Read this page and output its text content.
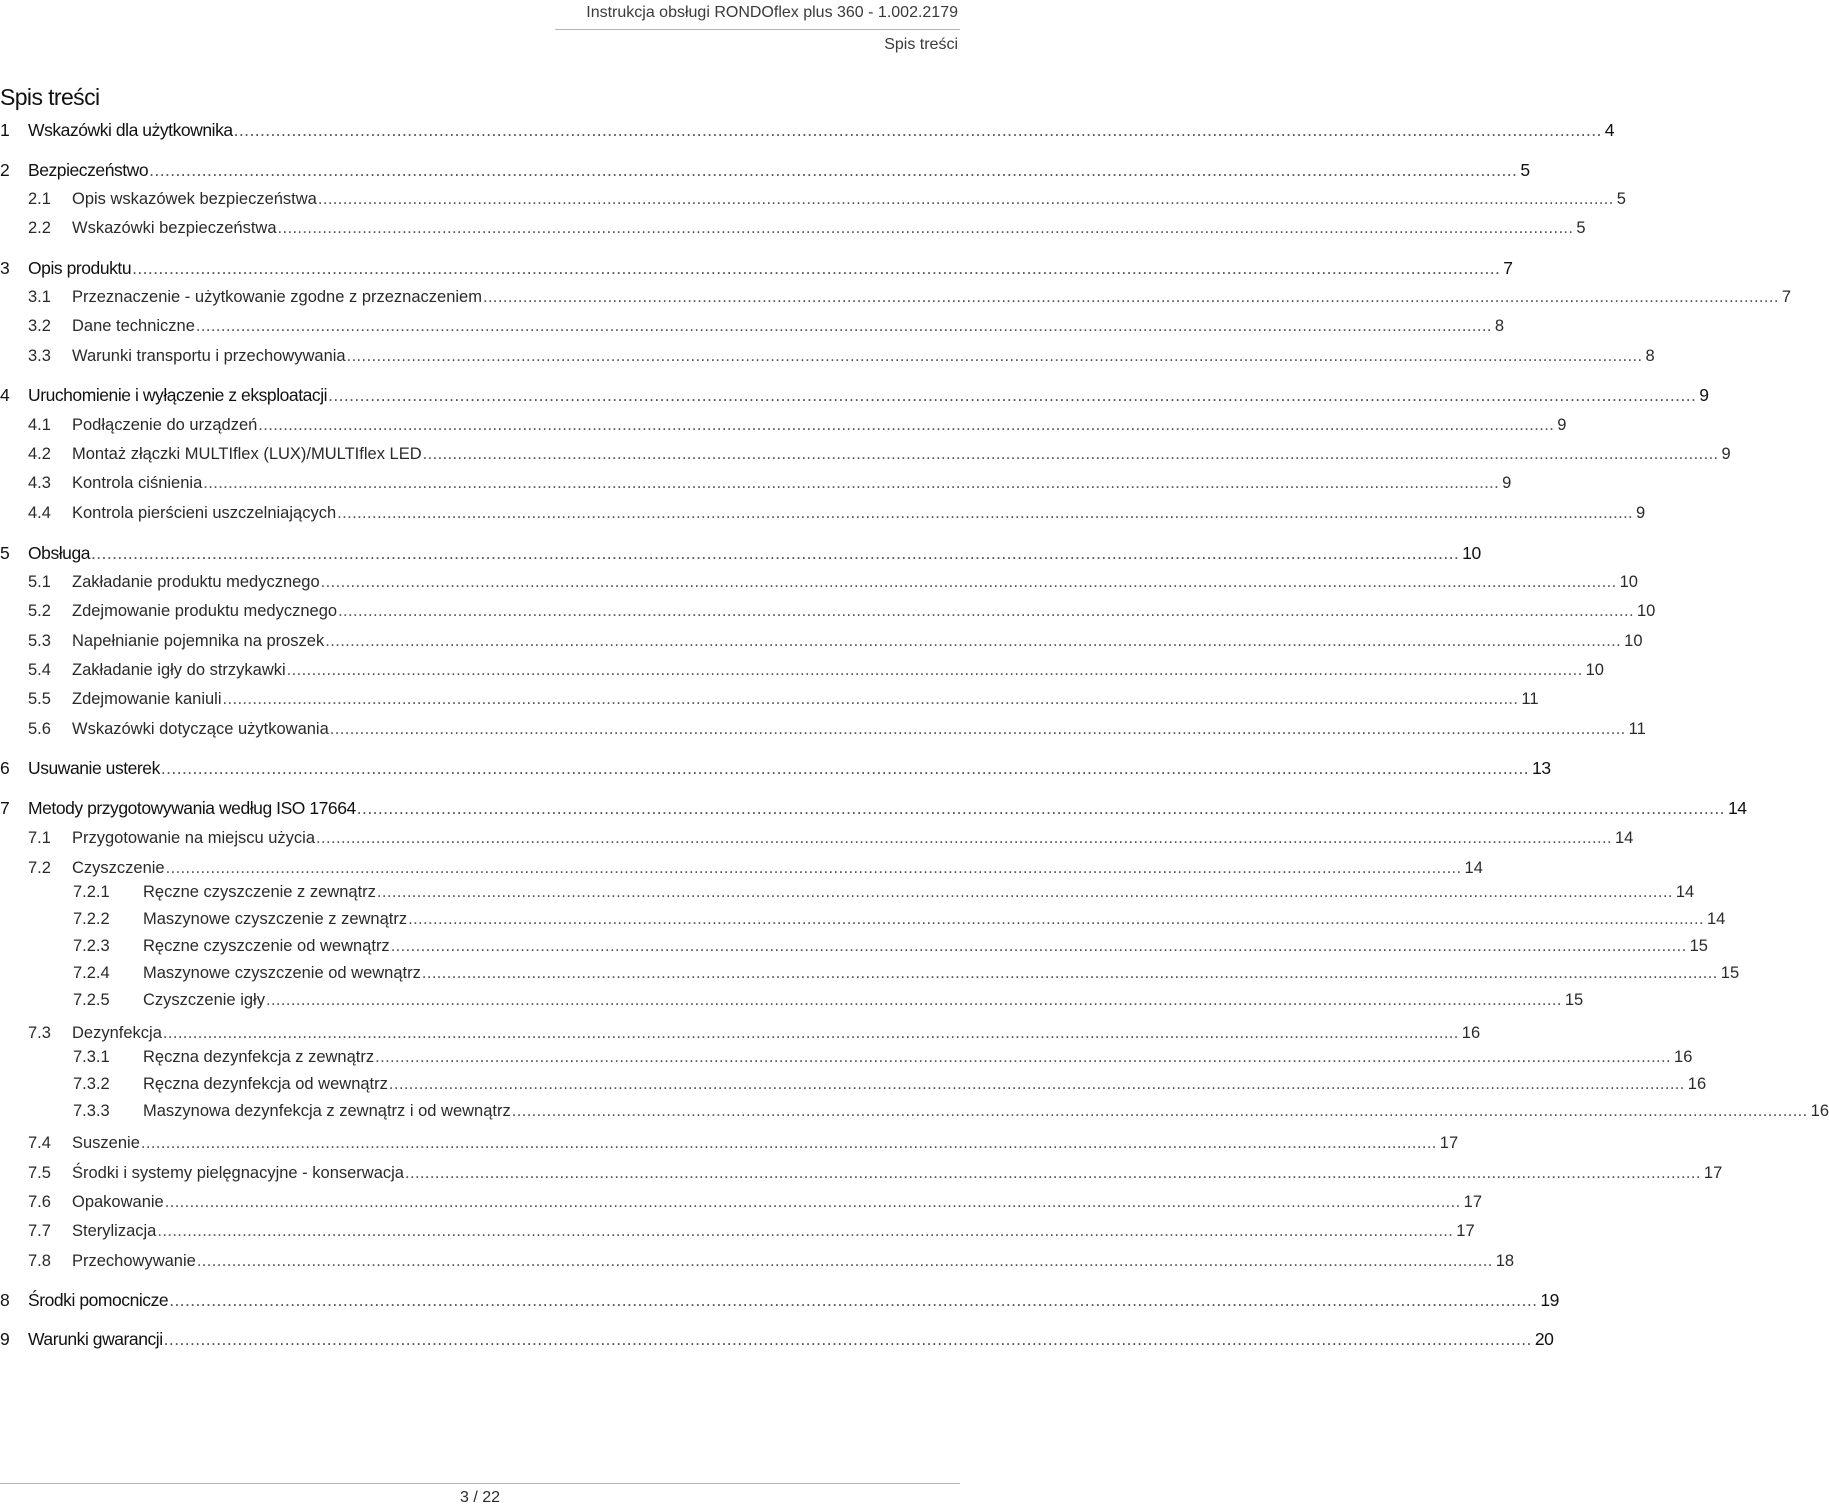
Instrukcja obsługi RONDOflex plus 360 - 1.002.2179
Spis treści
Spis treści
1	Wskazówki dla użytkownika .................................................................................................................................................................................................................................................................... 4
2	Bezpieczeństwo .................................................................................................................................................................................................................................................................... 5
2.1	Opis wskazówek bezpieczeństwa .................................................................................................................................................................................................................................................................... 5
2.2	Wskazówki bezpieczeństwa .................................................................................................................................................................................................................................................................... 5
3	Opis produktu .................................................................................................................................................................................................................................................................... 7
3.1	Przeznaczenie - użytkowanie zgodne z przeznaczeniem .................................................................................................................................................................................................................................................................... 7
3.2	Dane techniczne .................................................................................................................................................................................................................................................................... 8
3.3	Warunki transportu i przechowywania .................................................................................................................................................................................................................................................................... 8
4	Uruchomienie i wyłączenie z eksploatacji .................................................................................................................................................................................................................................................................... 9
4.1	Podłączenie do urządzeń .................................................................................................................................................................................................................................................................... 9
4.2	Montaż złączki MULTIflex (LUX)/MULTIflex LED .................................................................................................................................................................................................................................................................... 9
4.3	Kontrola ciśnienia .................................................................................................................................................................................................................................................................... 9
4.4	Kontrola pierścieni uszczelniających .................................................................................................................................................................................................................................................................... 9
5	Obsługa .................................................................................................................................................................................................................................................................... 10
5.1	Zakładanie produktu medycznego .................................................................................................................................................................................................................................................................... 10
5.2	Zdejmowanie produktu medycznego .................................................................................................................................................................................................................................................................... 10
5.3	Napełnianie pojemnika na proszek .................................................................................................................................................................................................................................................................... 10
5.4	Zakładanie igły do strzykawki .................................................................................................................................................................................................................................................................... 10
5.5	Zdejmowanie kaniuli .................................................................................................................................................................................................................................................................... 11
5.6	Wskazówki dotyczące użytkowania .................................................................................................................................................................................................................................................................... 11
6	Usuwanie usterek .................................................................................................................................................................................................................................................................... 13
7	Metody przygotowywania według ISO 17664 .................................................................................................................................................................................................................................................................... 14
7.1	Przygotowanie na miejscu użycia .................................................................................................................................................................................................................................................................... 14
7.2	Czyszczenie .................................................................................................................................................................................................................................................................... 14
7.2.1	Ręczne czyszczenie z zewnątrz .................................................................................................................................................................................................................................................................... 14
7.2.2	Maszynowe czyszczenie z zewnątrz .................................................................................................................................................................................................................................................................... 14
7.2.3	Ręczne czyszczenie od wewnątrz .................................................................................................................................................................................................................................................................... 15
7.2.4	Maszynowe czyszczenie od wewnątrz .................................................................................................................................................................................................................................................................... 15
7.2.5	Czyszczenie igły .................................................................................................................................................................................................................................................................... 15
7.3	Dezynfekcja .................................................................................................................................................................................................................................................................... 16
7.3.1	Ręczna dezynfekcja z zewnątrz .................................................................................................................................................................................................................................................................... 16
7.3.2	Ręczna dezynfekcja od wewnątrz .................................................................................................................................................................................................................................................................... 16
7.3.3	Maszynowa dezynfekcja z zewnątrz i od wewnątrz .................................................................................................................................................................................................................................................................... 16
7.4	Suszenie .................................................................................................................................................................................................................................................................... 17
7.5	Środki i systemy pielęgnacyjne - konserwacja .................................................................................................................................................................................................................................................................... 17
7.6	Opakowanie .................................................................................................................................................................................................................................................................... 17
7.7	Sterylizacja .................................................................................................................................................................................................................................................................... 17
7.8	Przechowywanie .................................................................................................................................................................................................................................................................... 18
8	Środki pomocnicze .................................................................................................................................................................................................................................................................... 19
9	Warunki gwarancji .................................................................................................................................................................................................................................................................... 20
3 / 22
